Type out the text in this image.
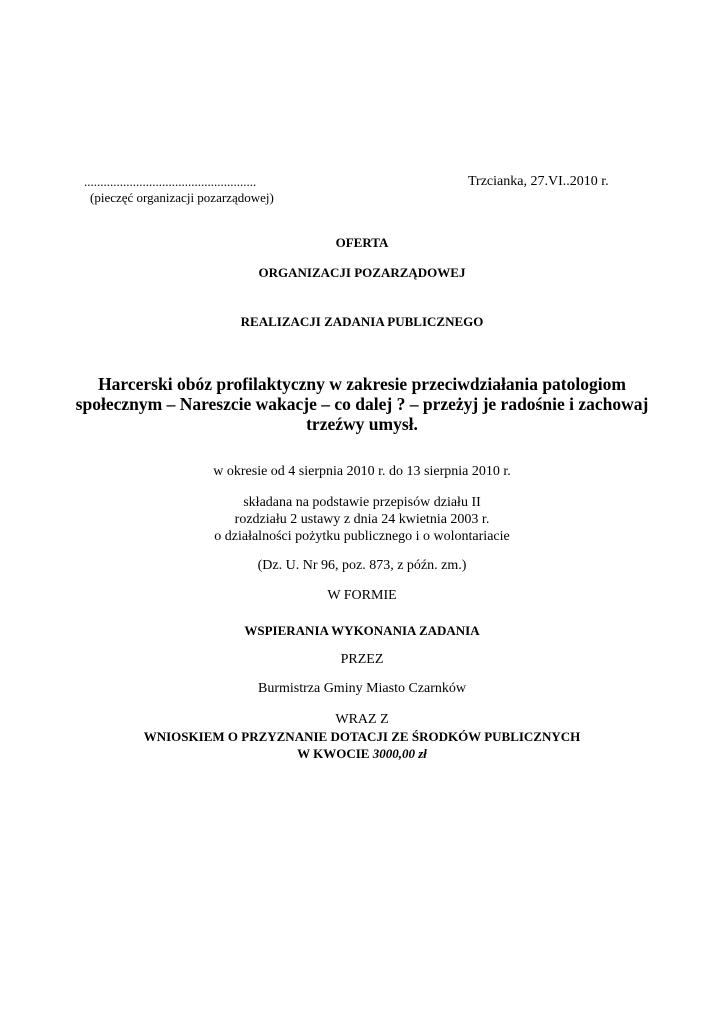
.....................................................
(pieczęć organizacji pozarządowej)
Trzcianka, 27.VI..2010 r.
OFERTA
ORGANIZACJI POZARZĄDOWEJ
REALIZACJI ZADANIA PUBLICZNEGO
Harcerski obóz profilaktyczny w zakresie przeciwdziałania patologiom
społecznym – Nareszcie wakacje – co dalej ? – przeżyj je radośnie i zachowaj
trzeźwy umysł.
w okresie od 4 sierpnia 2010 r. do 13 sierpnia 2010 r.
składana na podstawie przepisów działu II
rozdziału 2 ustawy z dnia 24 kwietnia 2003 r.
o działalności pożytku publicznego i o wolontariacie
(Dz. U. Nr 96, poz. 873, z późn. zm.)
W FORMIE
WSPIERANIA WYKONANIA ZADANIA
PRZEZ
Burmistrza Gminy Miasto Czarnków
WRAZ Z
WNIOSKIEM O PRZYZNANIE DOTACJI ZE ŚRODKÓW PUBLICZNYCH
W KWOCIE 3000,00 zł
